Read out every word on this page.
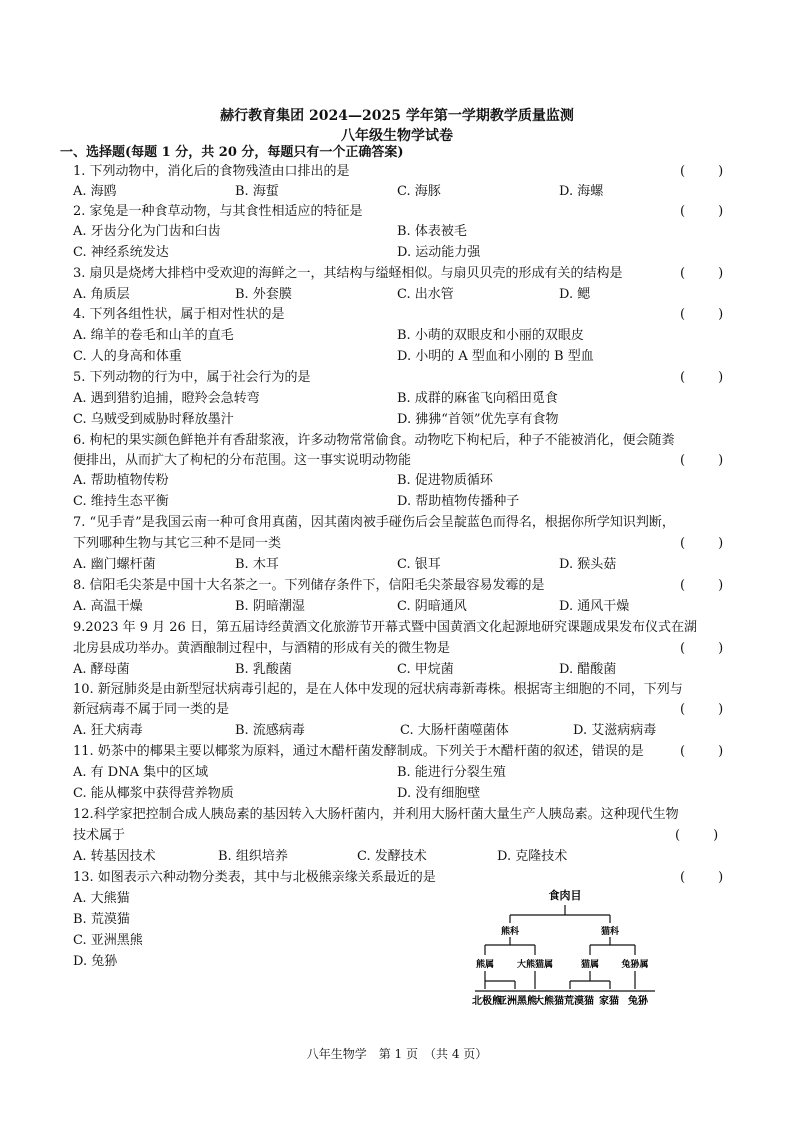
赫行教育集团 2024—2025 学年第一学期教学质量监测
八年级生物学试卷
一、选择题(每题 1 分，共 20 分，每题只有一个正确答案)
1. 下列动物中，消化后的食物残渣由口排出的是	(        )
A. 海鸥	B. 海蜇	C. 海豚	D. 海螺
2. 家兔是一种食草动物，与其食性相适应的特征是	(        )
A. 牙齿分化为门齿和臼齿	B. 体表被毛
C. 神经系统发达	D. 运动能力强
3. 扇贝是烧烤大排档中受欢迎的海鲜之一，其结构与缢蛏相似。与扇贝贝壳的形成有关的结构是	(        )
A. 角质层	B. 外套膜	C. 出水管	D. 鳃
4. 下列各组性状，属于相对性状的是	(        )
A. 绵羊的卷毛和山羊的直毛	B. 小萌的双眼皮和小丽的双眼皮
C. 人的身高和体重	D. 小明的 A 型血和小刚的 B 型血
5. 下列动物的行为中，属于社会行为的是	(        )
A. 遇到猎豹追捕，瞪羚会急转弯	B. 成群的麻雀飞向稻田觅食
C. 乌贼受到威胁时释放墨汁	D. 狒狒“首领”优先享有食物
6. 枸杞的果实颜色鲜艳并有香甜浆液，许多动物常常偷食。动物吃下枸杞后，种子不能被消化，便会随粪
便排出，从而扩大了枸杞的分布范围。这一事实说明动物能	(        )
A. 帮助植物传粉	B. 促进物质循环
C. 维持生态平衡	D. 帮助植物传播种子
7. “见手青”是我国云南一种可食用真菌，因其菌肉被手碰伤后会呈靛蓝色而得名，根据你所学知识判断，
下列哪种生物与其它三种不是同一类	(        )
A. 幽门螺杆菌	B. 木耳	C. 银耳	D. 猴头菇
8. 信阳毛尖茶是中国十大名茶之一。下列储存条件下，信阳毛尖茶最容易发霉的是	(        )
A. 高温干燥	B. 阴暗潮湿	C. 阴暗通风	D. 通风干燥
9.2023 年 9 月 26 日，第五届诗经黄酒文化旅游节开幕式暨中国黄酒文化起源地研究课题成果发布仪式在湖
北房县成功举办。黄酒酿制过程中，与酒精的形成有关的微生物是	(        )
A. 酵母菌	B. 乳酸菌	C. 甲烷菌	D. 醋酸菌
10. 新冠肺炎是由新型冠状病毒引起的，是在人体中发现的冠状病毒新毒株。根据寄主细胞的不同，下列与
新冠病毒不属于同一类的是	(        )
A. 狂犬病毒	B. 流感病毒	C. 大肠杆菌噬菌体	D. 艾滋病病毒
11. 奶茶中的椰果主要以椰浆为原料，通过木醋杆菌发酵制成。下列关于木醋杆菌的叙述，错误的是	(        )
A. 有 DNA 集中的区域	B. 能进行分裂生殖
C. 能从椰浆中获得营养物质	D. 没有细胞壁
12.科学家把控制合成人胰岛素的基因转入大肠杆菌内，并利用大肠杆菌大量生产人胰岛素。这种现代生物
技术属于	(        )
A. 转基因技术	B. 组织培养	C. 发酵技术	D. 克隆技术
13. 如图表示六种动物分类表，其中与北极熊亲缘关系最近的是	(        )
A. 大熊猫
B. 荒漠猫
C. 亚洲黑熊
D. 兔狲
食肉目
熊科	猫科
熊属	大熊猫属	猫属 兔狲属
北极熊
亚洲黑熊
大熊猫 荒漠猫 家猫 兔狲
八年生物学　第 1 页　（共 4 页）
